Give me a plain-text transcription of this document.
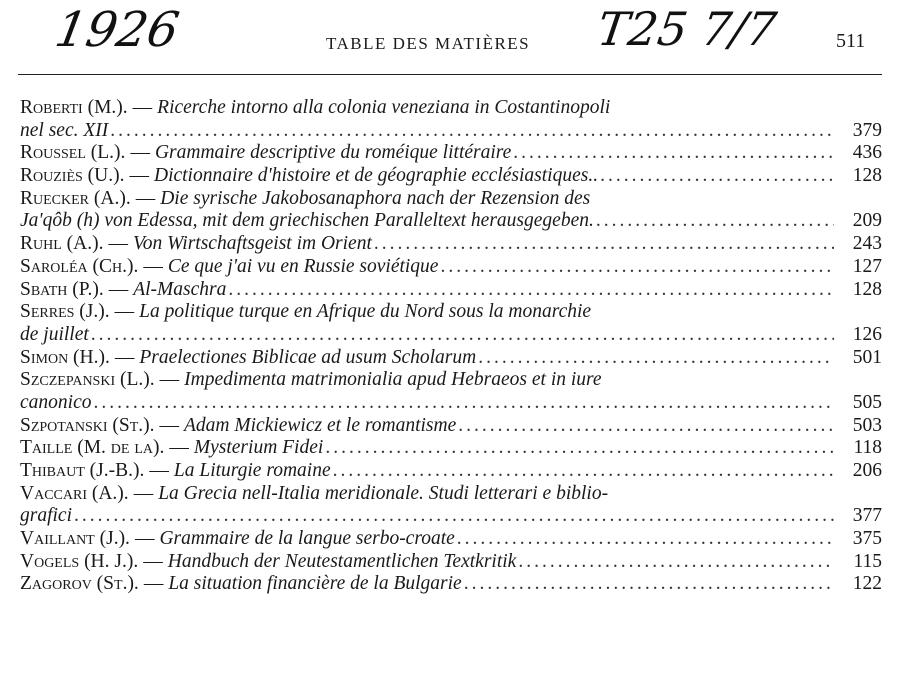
1926	TABLE DES MATIÈRES T25 7/7	511
Roberti (M.). — Ricerche intorno alla colonia veneziana in Costantinopoli
nel sec. XII .....	379
Roussel (L.). — Grammaire descriptive du roméique littéraire .....	436
Rouziès (U.). — Dictionnaire d'histoire et de géographie ecclésiastiques.. .....	128
Ruecker (A.). — Die syrische Jakobosanaphora nach der Rezension des
Ja'qôb (h) von Edessa, mit dem griechischen Paralleltext herausgegeben. .....	209
Ruhl (A.). — Von Wirtschaftsgeist im Orient .....	243
Saroléa (Ch.). — Ce que j'ai vu en Russie soviétique .....	127
Sbath (P.). — Al-Maschra .....	128
Serres (J.). — La politique turque en Afrique du Nord sous la monarchie
de juillet .....	126
Simon (H.). — Praelectiones Biblicae ad usum Scholarum .....	501
Szczepanski (L.). — Impedimenta matrimonialia apud Hebraeos et in iure
canonico .....	505
Szpotanski (St.). — Adam Mickiewicz et le romantisme .....	503
Taille (M. de la). — Mysterium Fidei .....	118
Thibaut (J.-B.). — La Liturgie romaine .....	206
Vaccari (A.). — La Grecia nell-Italia meridionale. Studi letterari e biblio-
grafici .....	377
Vaillant (J.). — Grammaire de la langue serbo-croate .....	375
Vogels (H. J.). — Handbuch der Neutestamentlichen Textkritik .....	115
Zagorov (St.). — La situation financière de la Bulgarie .....	122
